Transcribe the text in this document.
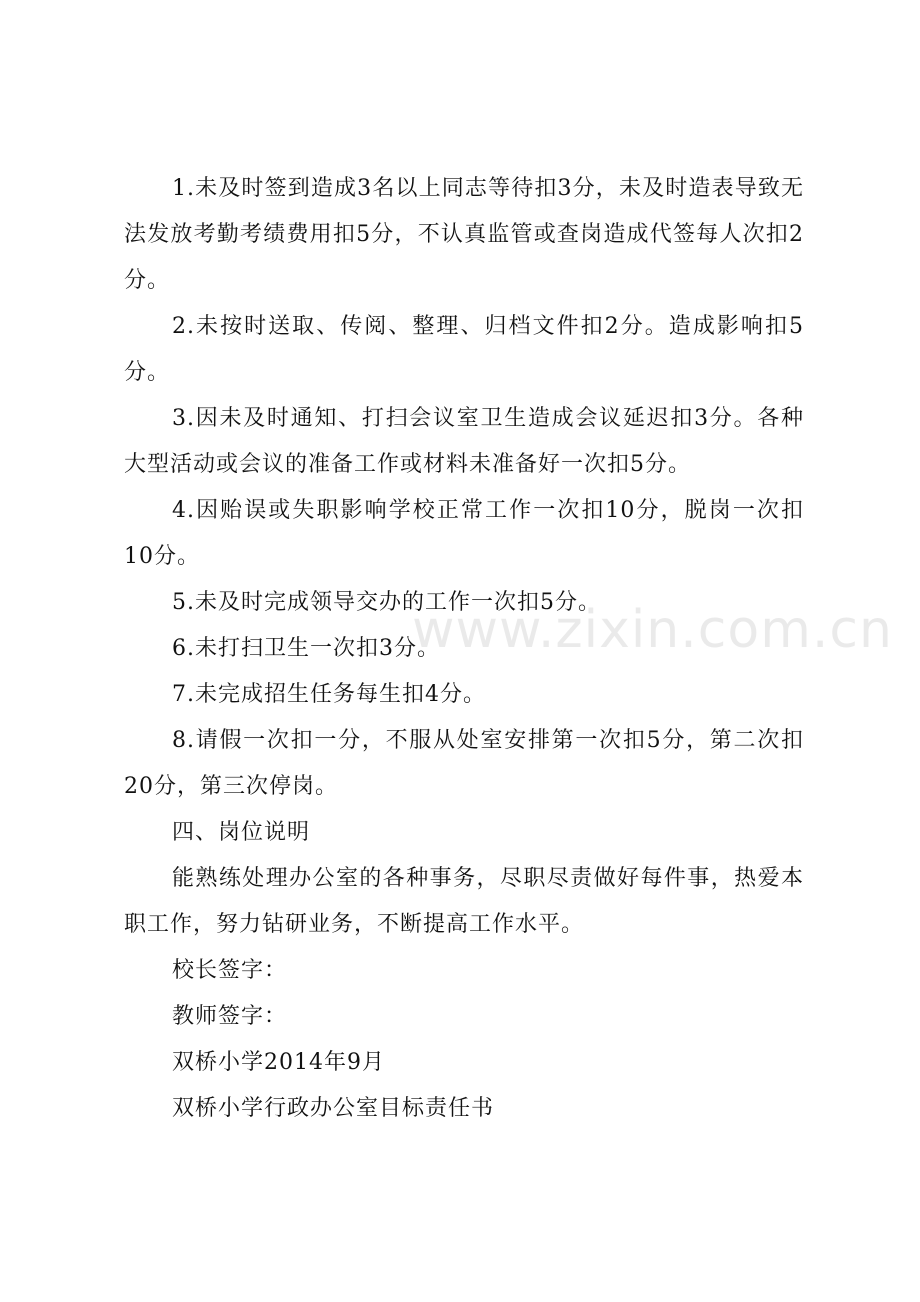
1.未及时签到造成3名以上同志等待扣3分，未及时造表导致无法发放考勤考绩费用扣5分，不认真监管或查岗造成代签每人次扣2分。

2.未按时送取、传阅、整理、归档文件扣2分。造成影响扣5分。

3.因未及时通知、打扫会议室卫生造成会议延迟扣3分。各种大型活动或会议的准备工作或材料未准备好一次扣5分。

4.因贻误或失职影响学校正常工作一次扣10分，脱岗一次扣10分。

5.未及时完成领导交办的工作一次扣5分。

6.未打扫卫生一次扣3分。

7.未完成招生任务每生扣4分。

8.请假一次扣一分，不服从处室安排第一次扣5分，第二次扣20分，第三次停岗。

四、岗位说明

能熟练处理办公室的各种事务，尽职尽责做好每件事，热爱本职工作，努力钻研业务，不断提高工作水平。

校长签字：

教师签字：

双桥小学2014年9月

双桥小学行政办公室目标责任书

www.zixin.com.cn
